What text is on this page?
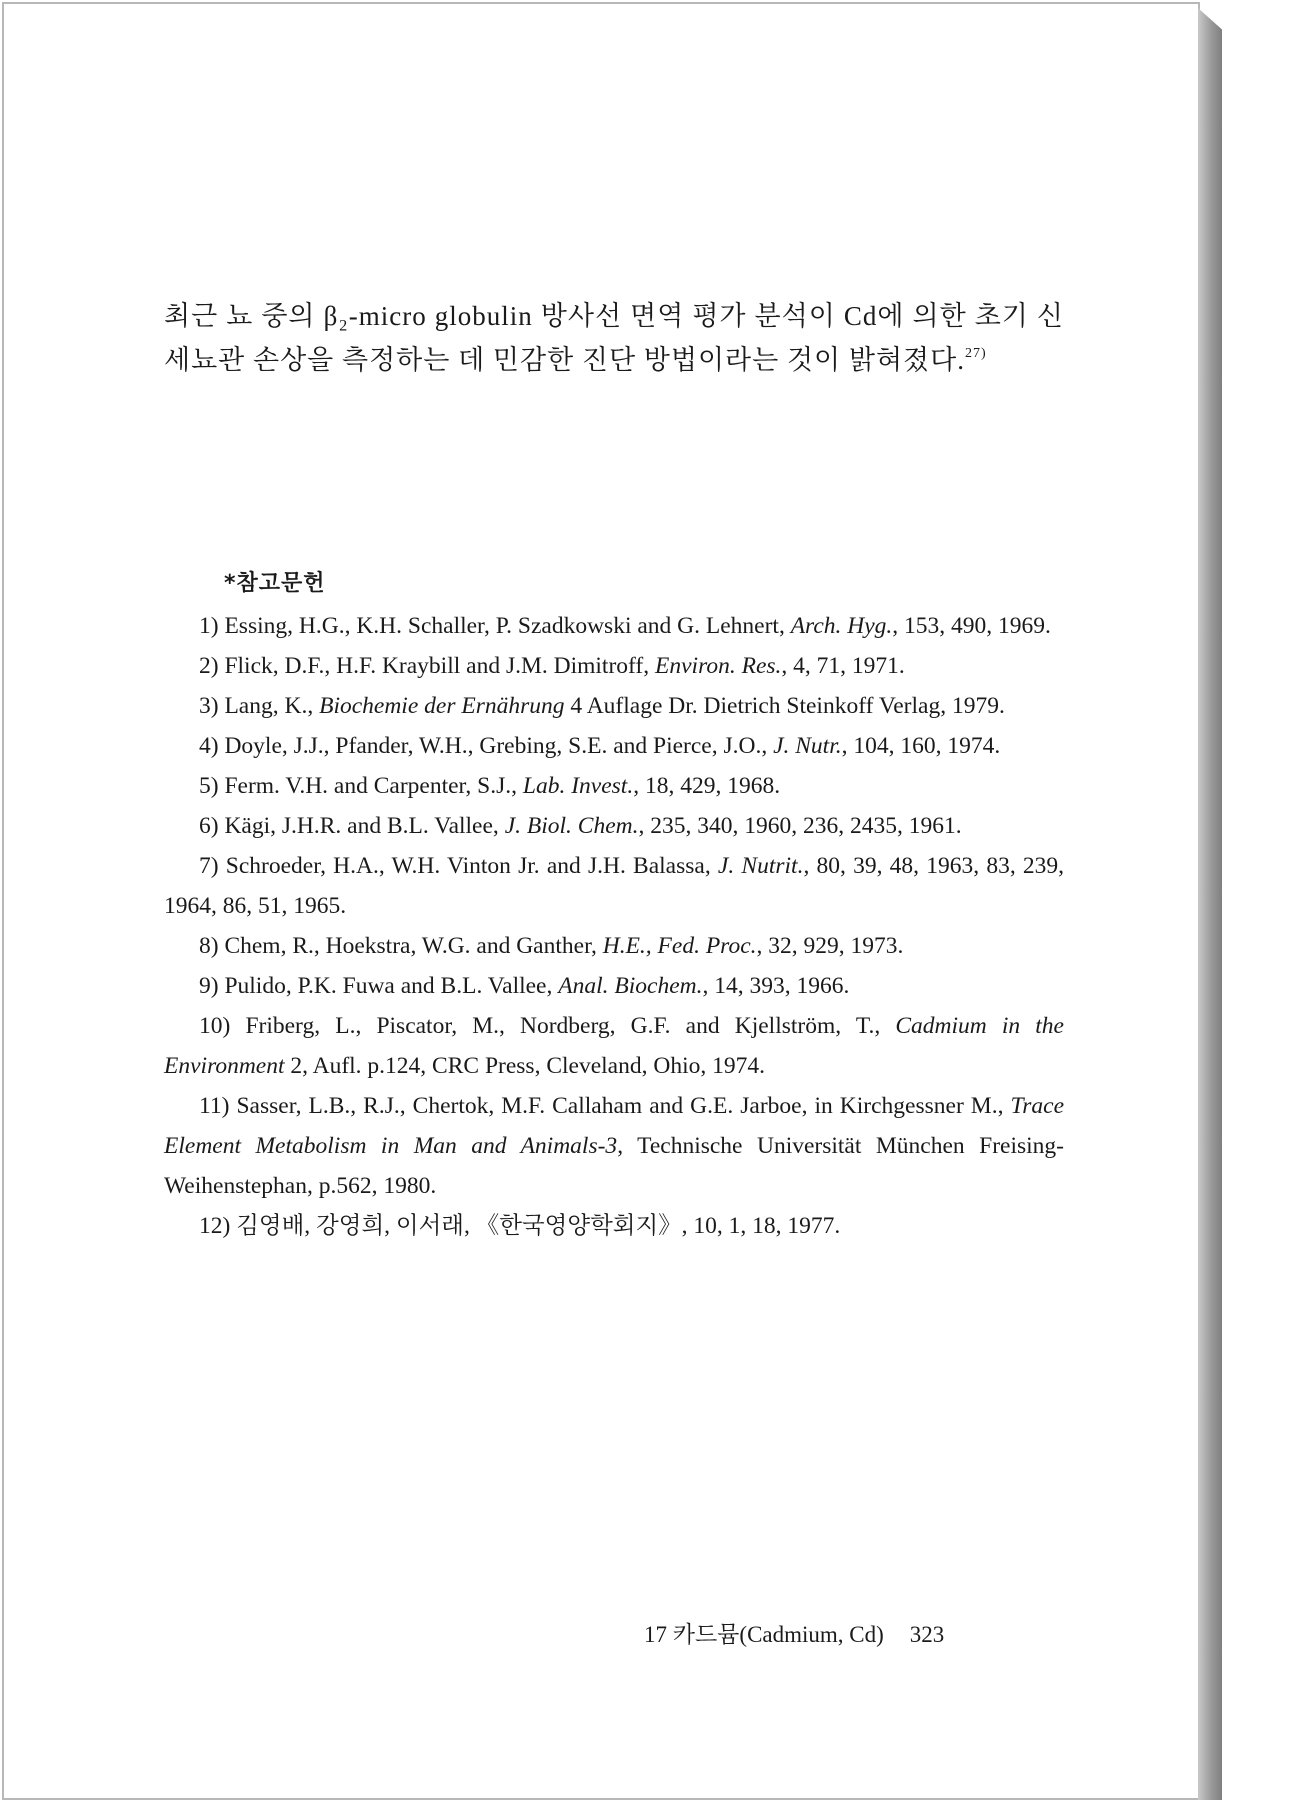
최근 뇨 중의 β₂-micro globulin 방사선 면역 평가 분석이 Cd에 의한 초기 신세뇨관 손상을 측정하는 데 민감한 진단 방법이라는 것이 밝혀졌다.$^{27)}$
*참고문헌

1) Essing, H.G., K.H. Schaller, P. Szadkowski and G. Lehnert, Arch. Hyg., 153, 490, 1969.

2) Flick, D.F., H.F. Kraybill and J.M. Dimitroff, Environ. Res., 4, 71, 1971.

3) Lang, K., Biochemie der Ernährung 4 Auflage Dr. Dietrich Steinkoff Verlag, 1979.

4) Doyle, J.J., Pfander, W.H., Grebing, S.E. and Pierce, J.O., J. Nutr., 104, 160, 1974.

5) Ferm. V.H. and Carpenter, S.J., Lab. Invest., 18, 429, 1968.

6) Kägi, J.H.R. and B.L. Vallee, J. Biol. Chem., 235, 340, 1960, 236, 2435, 1961.

7) Schroeder, H.A., W.H. Vinton Jr. and J.H. Balassa, J. Nutrit., 80, 39, 48, 1963, 83, 239, 1964, 86, 51, 1965.

8) Chem, R., Hoekstra, W.G. and Ganther, H.E., Fed. Proc., 32, 929, 1973.

9) Pulido, P.K. Fuwa and B.L. Vallee, Anal. Biochem., 14, 393, 1966.

10) Friberg, L., Piscator, M., Nordberg, G.F. and Kjellström, T., Cadmium in the Environment 2, Aufl. p.124, CRC Press, Cleveland, Ohio, 1974.

11) Sasser, L.B., R.J., Chertok, M.F. Callaham and G.E. Jarboe, in Kirchgessner M., Trace Element Metabolism in Man and Animals-3, Technische Universität München Freising-Weihenstephan, p.562, 1980.

12) 김영배, 강영희, 이서래, 《한국영양학회지》, 10, 1, 18, 1977.

17 카드뮴(Cadmium, Cd) 323
